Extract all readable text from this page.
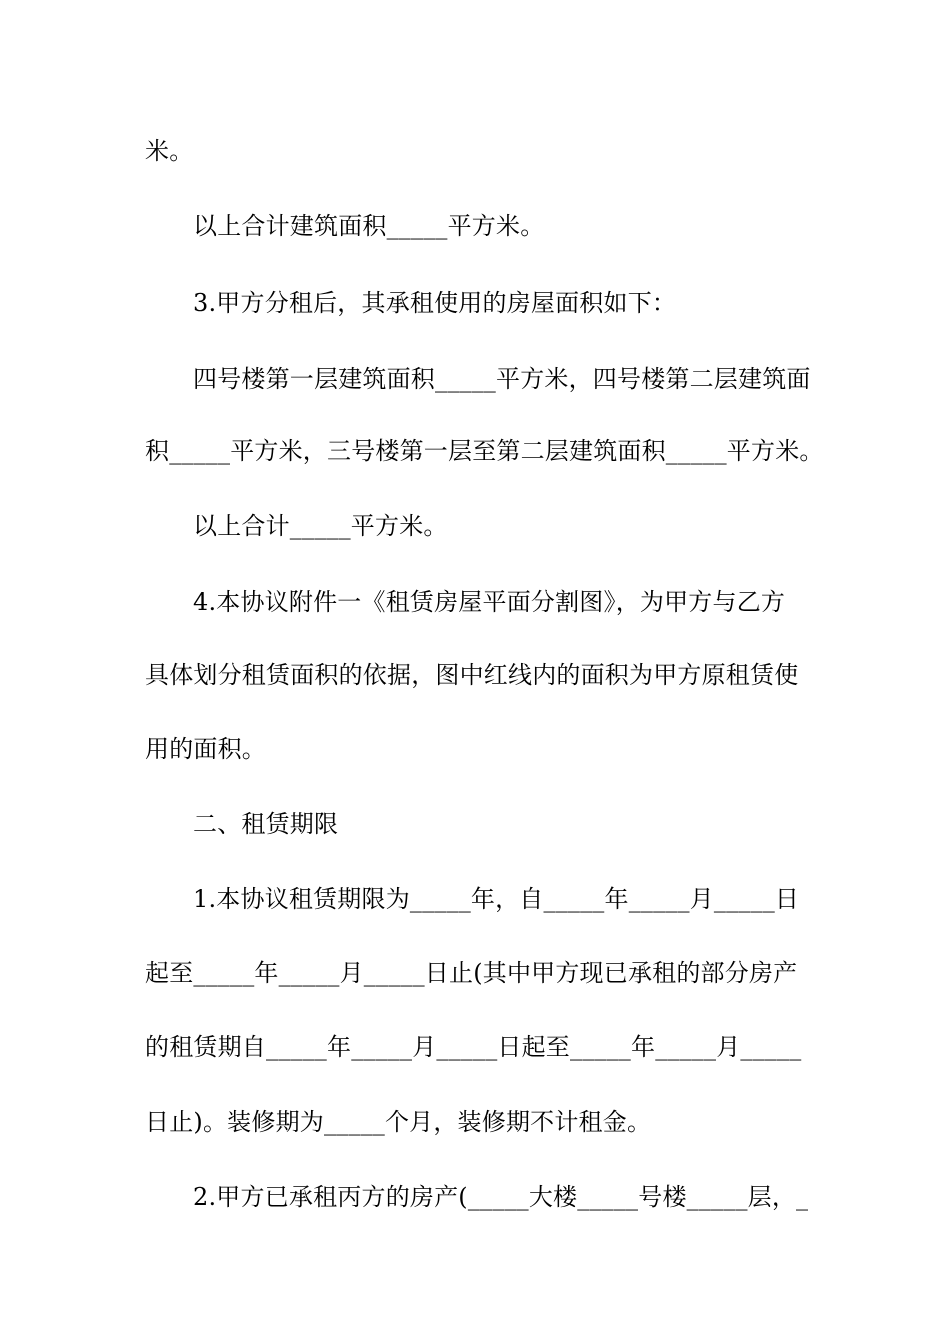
米。
以上合计建筑面积_____平方米。
3.甲方分租后，其承租使用的房屋面积如下：
四号楼第一层建筑面积_____平方米，四号楼第二层建筑面
积_____平方米，三号楼第一层至第二层建筑面积_____平方米。
以上合计_____平方米。
4.本协议附件一《租赁房屋平面分割图》，为甲方与乙方
具体划分租赁面积的依据，图中红线内的面积为甲方原租赁使
用的面积。
二、租赁期限
1.本协议租赁期限为_____年，自_____年_____月_____日
起至_____年_____月_____日止(其中甲方现已承租的部分房产
的租赁期自_____年_____月_____日起至_____年_____月_____
日止)。装修期为_____个月，装修期不计租金。
2.甲方已承租丙方的房产(_____大楼_____号楼_____层，_
